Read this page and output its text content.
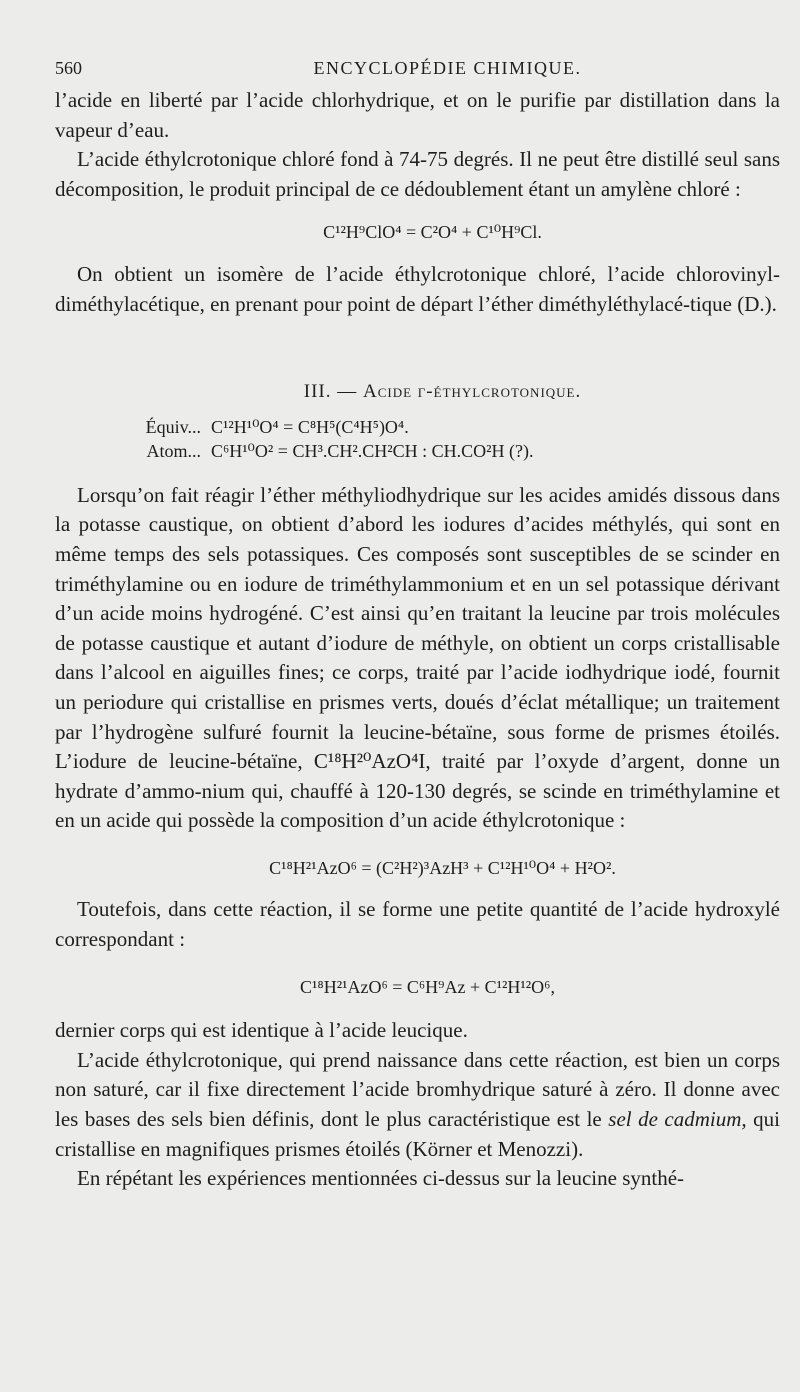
560	ENCYCLOPÉDIE CHIMIQUE.

l’acide en liberté par l’acide chlorhydrique, et on le purifie par distillation dans la vapeur d’eau.

L’acide éthylcrotonique chloré fond à 74-75 degrés. Il ne peut être distillé seul sans décomposition, le produit principal de ce dédoublement étant un amylène chloré :

C¹²H⁹ClO⁴ = C²O⁴ + C¹⁰H⁹Cl.

On obtient un isomère de l’acide éthylcrotonique chloré, l’acide chlorovinyl-diméthylacétique, en prenant pour point de départ l’éther diméthyléthylacé-tique (D.).

III. — Acide γ-éthylcrotonique.
Équiv... C¹²H¹⁰O⁴ = C⁸H⁵(C⁴H⁵)O⁴.
Atom... C⁶H¹⁰O² = CH³.CH².CH²CH : CH.CO²H (?).

Lorsqu’on fait réagir l’éther méthyliodhydrique sur les acides amidés dissous dans la potasse caustique, on obtient d’abord les iodures d’acides méthylés, qui sont en même temps des sels potassiques. Ces composés sont susceptibles de se scinder en triméthylamine ou en iodure de triméthylammonium et en un sel potassique dérivant d’un acide moins hydrogéné. C’est ainsi qu’en traitant la leucine par trois molécules de potasse caustique et autant d’iodure de méthyle, on obtient un corps cristallisable dans l’alcool en aiguilles fines; ce corps, traité par l’acide iodhydrique iodé, fournit un periodure qui cristallise en prismes verts, doués d’éclat métallique; un traitement par l’hydrogène sulfuré fournit la leucine-bétaïne, sous forme de prismes étoilés. L’iodure de leucine-bétaïne, C¹⁸H²⁰AzO⁴I, traité par l’oxyde d’argent, donne un hydrate d’ammo-nium qui, chauffé à 120-130 degrés, se scinde en triméthylamine et en un acide qui possède la composition d’un acide éthylcrotonique :

C¹⁸H²¹AzO⁶ = (C²H²)³AzH³ + C¹²H¹⁰O⁴ + H²O².

Toutefois, dans cette réaction, il se forme une petite quantité de l’acide hydroxylé correspondant :

C¹⁸H²¹AzO⁶ = C⁶H⁹Az + C¹²H¹²O⁶,

dernier corps qui est identique à l’acide leucique.

L’acide éthylcrotonique, qui prend naissance dans cette réaction, est bien un corps non saturé, car il fixe directement l’acide bromhydrique saturé à zéro. Il donne avec les bases des sels bien définis, dont le plus caractéristique est le sel de cadmium, qui cristallise en magnifiques prismes étoilés (Körner et Menozzi).

En répétant les expériences mentionnées ci-dessus sur la leucine synthé-
